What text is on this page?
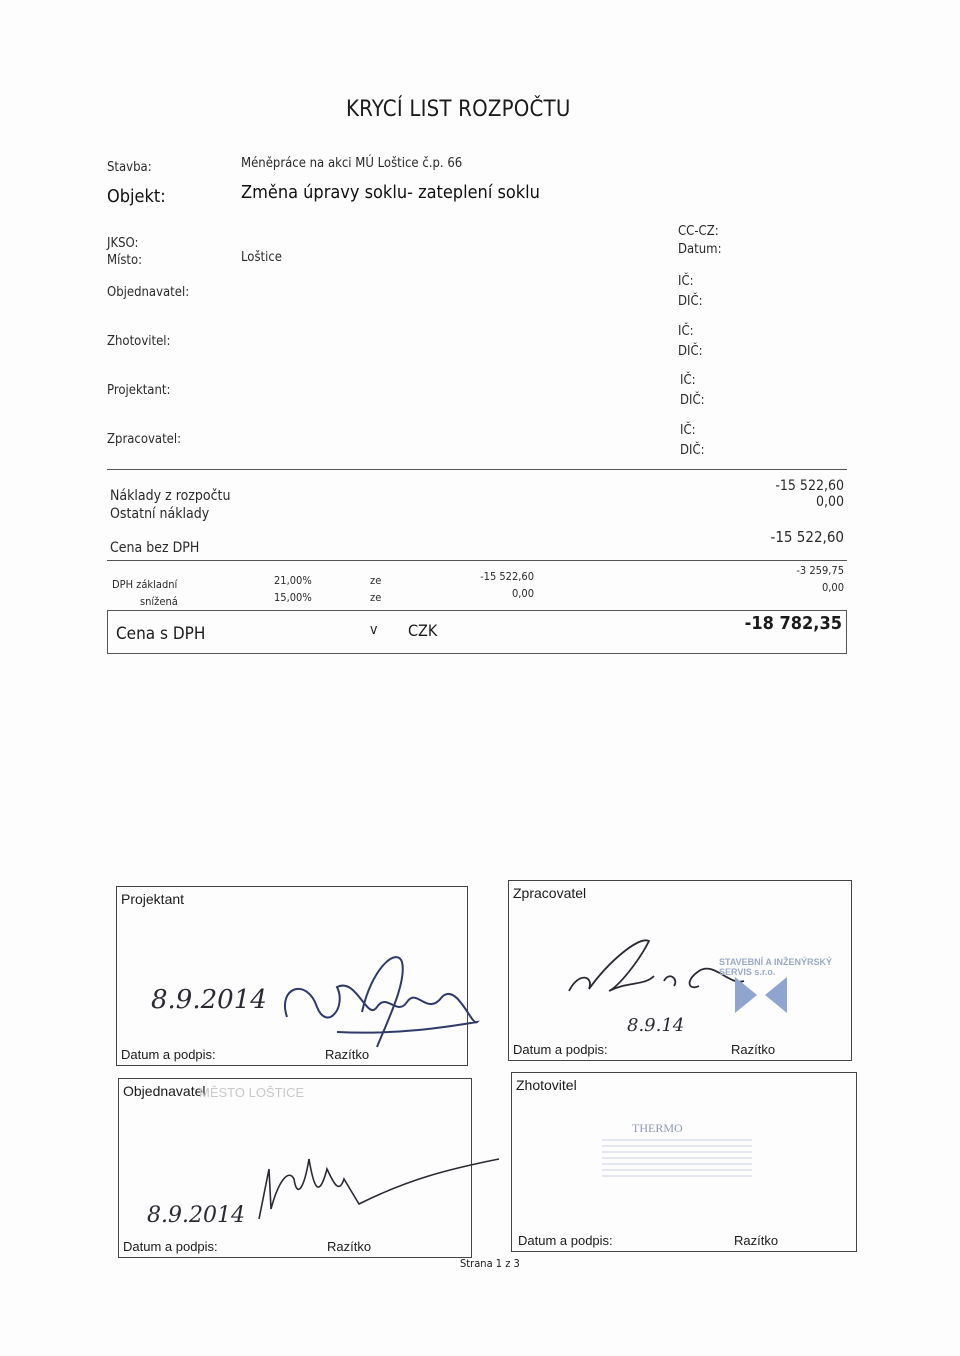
KRYCÍ LIST ROZPOČTU
Stavba:	Méněpráce na akci MÚ Loštice č.p. 66
Objekt:	Změna úpravy soklu- zateplení soklu
JKSO:
Místo:	Loštice
CC-CZ:
Datum:
Objednavatel:
IČ:
DIČ:
Zhotovitel:
IČ:
DIČ:
Projektant:
IČ:
DIČ:
Zpracovatel:
IČ:
DIČ:
Náklady z rozpočtu
-15 522,60
Ostatní náklady
0,00
Cena bez DPH
-15 522,60
DPH základní	21,00%	ze	-15 522,60	-3 259,75
snížená	15,00%	ze	0,00	0,00
Cena s DPH	v CZK	-18 782,35
Projektant
8.9.2014
Datum a podpis:	Razítko
Zpracovatel
STAVEBNÍ A INŽENÝRSKÝ SERVIS s.r.o.
8.9.14
Datum a podpis:	Razítko
Objednavatel
MĚSTO LOŠTICE
8.9.2014
Datum a podpis:	Razítko
Zhotovitel
THERMO
Datum a podpis:	Razítko
Strana 1 z 3
